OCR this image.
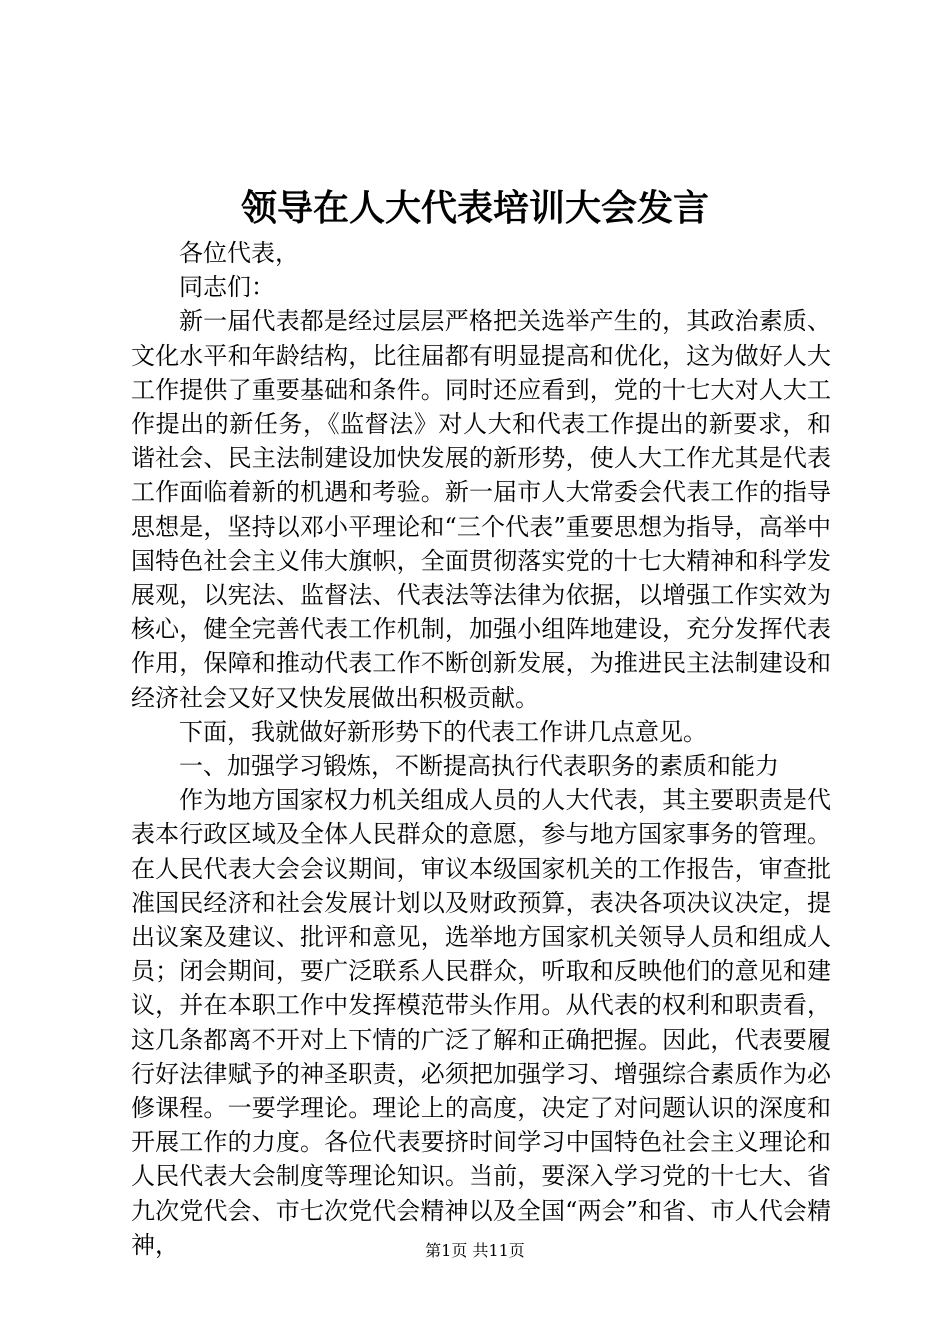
领导在人大代表培训大会发言

各位代表，

同志们：

新一届代表都是经过层层严格把关选举产生的，其政治素质、文化水平和年龄结构，比往届都有明显提高和优化，这为做好人大工作提供了重要基础和条件。同时还应看到，党的十七大对人大工作提出的新任务，《监督法》对人大和代表工作提出的新要求，和谐社会、民主法制建设加快发展的新形势，使人大工作尤其是代表工作面临着新的机遇和考验。新一届市人大常委会代表工作的指导思想是，坚持以邓小平理论和“三个代表”重要思想为指导，高举中国特色社会主义伟大旗帜，全面贯彻落实党的十七大精神和科学发展观，以宪法、监督法、代表法等法律为依据，以增强工作实效为核心，健全完善代表工作机制，加强小组阵地建设，充分发挥代表作用，保障和推动代表工作不断创新发展，为推进民主法制建设和经济社会又好又快发展做出积极贡献。

下面，我就做好新形势下的代表工作讲几点意见。

一、加强学习锻炼，不断提高执行代表职务的素质和能力

作为地方国家权力机关组成人员的人大代表，其主要职责是代表本行政区域及全体人民群众的意愿，参与地方国家事务的管理。在人民代表大会会议期间，审议本级国家机关的工作报告，审查批准国民经济和社会发展计划以及财政预算，表决各项决议决定，提出议案及建议、批评和意见，选举地方国家机关领导人员和组成人员；闭会期间，要广泛联系人民群众，听取和反映他们的意见和建议，并在本职工作中发挥模范带头作用。从代表的权利和职责看，这几条都离不开对上下情的广泛了解和正确把握。因此，代表要履行好法律赋予的神圣职责，必须把加强学习、增强综合素质作为必修课程。一要学理论。理论上的高度，决定了对问题认识的深度和开展工作的力度。各位代表要挤时间学习中国特色社会主义理论和人民代表大会制度等理论知识。当前，要深入学习党的十七大、省九次党代会、市七次党代会精神以及全国“两会”和省、市人代会精神，	第1页 共11页
